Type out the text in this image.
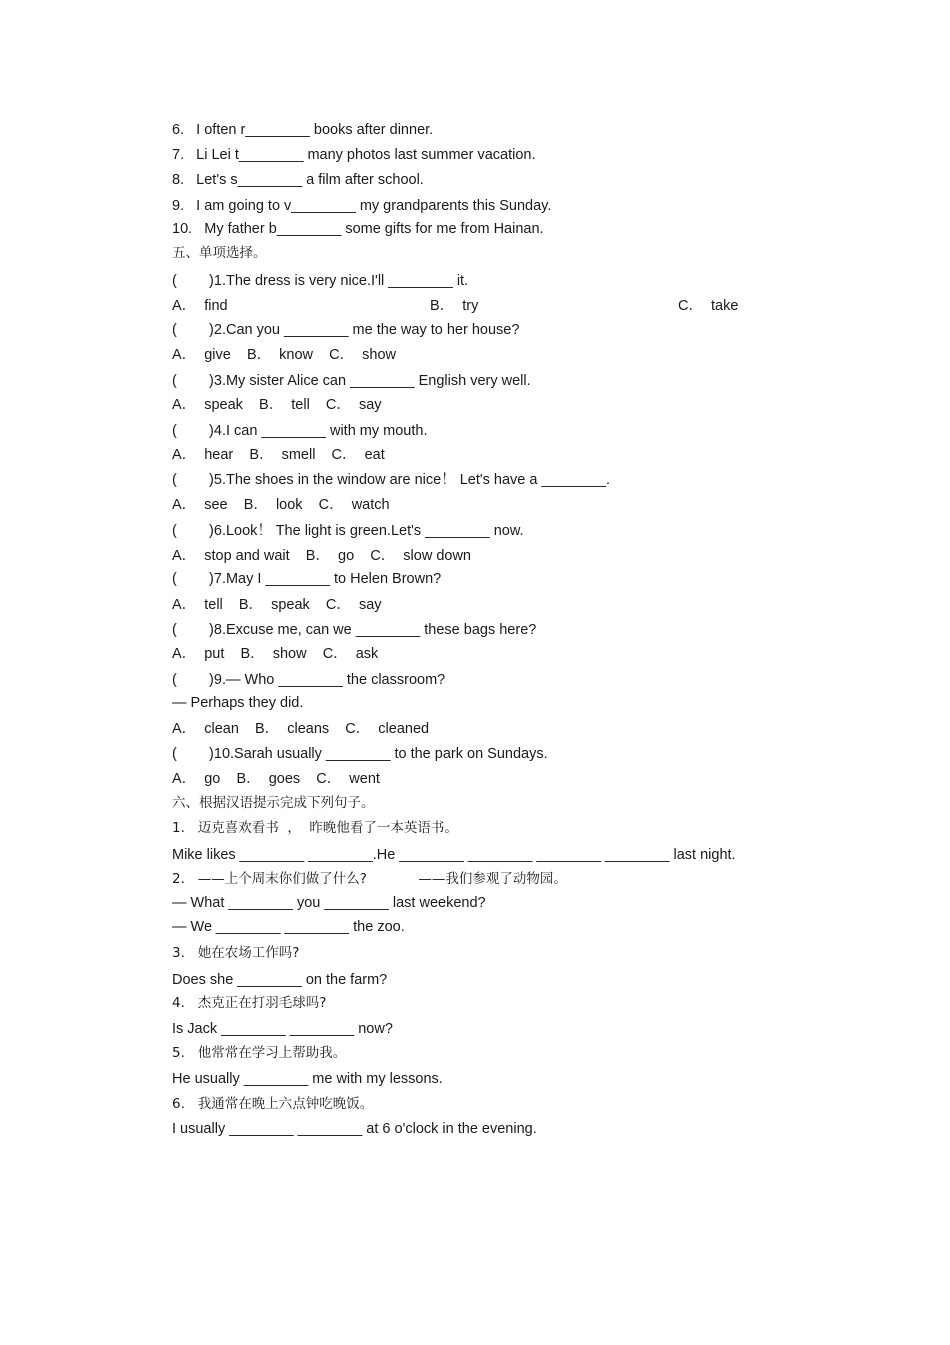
6.   I often r________ books after dinner.
7.   Li Lei t________ many photos last summer vacation.
8.   Let's s________ a film after school.
9.   I am going to v________ my grandparents this Sunday.
10.   My father b________ some gifts for me from Hainan.
五、单项选择。
(        )1.The dress is very nice.I'll ________ it.
A．  find	B．  try	C．  take
(        )2.Can you ________ me the way to her house?
A．  give    B．  know    C．  show
(        )3.My sister Alice can ________ English very well.
A．  speak    B．  tell    C．  say
(        )4.I can ________ with my mouth.
A．  hear    B．  smell    C．  eat
(        )5.The shoes in the window are nice！ Let's have a ________.
A．  see    B．  look    C．  watch
(        )6.Look！ The light is green.Let's ________ now.
A．  stop and wait    B．  go    C．  slow down
(        )7.May I ________ to Helen Brown?
A．  tell    B．  speak    C．  say
(        )8.Excuse me, can we ________ these bags here?
A．  put    B．  show    C．  ask
(        )9.— Who ________ the classroom?
— Perhaps they did.
A．  clean    B．  cleans    C．  cleaned
(        )10.Sarah usually ________ to the park on Sundays.
A．  go    B．  goes    C．  went
六、根据汉语提示完成下列句子。
1.   迈克喜欢看书  ，  昨晚他看了一本英语书。
Mike likes ________ ________.He ________ ________ ________ ________ last night.
2.   ——上个周末你们做了什么?            ——我们参观了动物园。
— What ________ you ________ last weekend?
— We ________ ________ the zoo.
3.   她在农场工作吗?
Does she ________ on the farm?
4.   杰克正在打羽毛球吗?
Is Jack ________ ________ now?
5.   他常常在学习上帮助我。
He usually ________ me with my lessons.
6.   我通常在晚上六点钟吃晚饭。
I usually ________ ________ at 6 o'clock in the evening.
